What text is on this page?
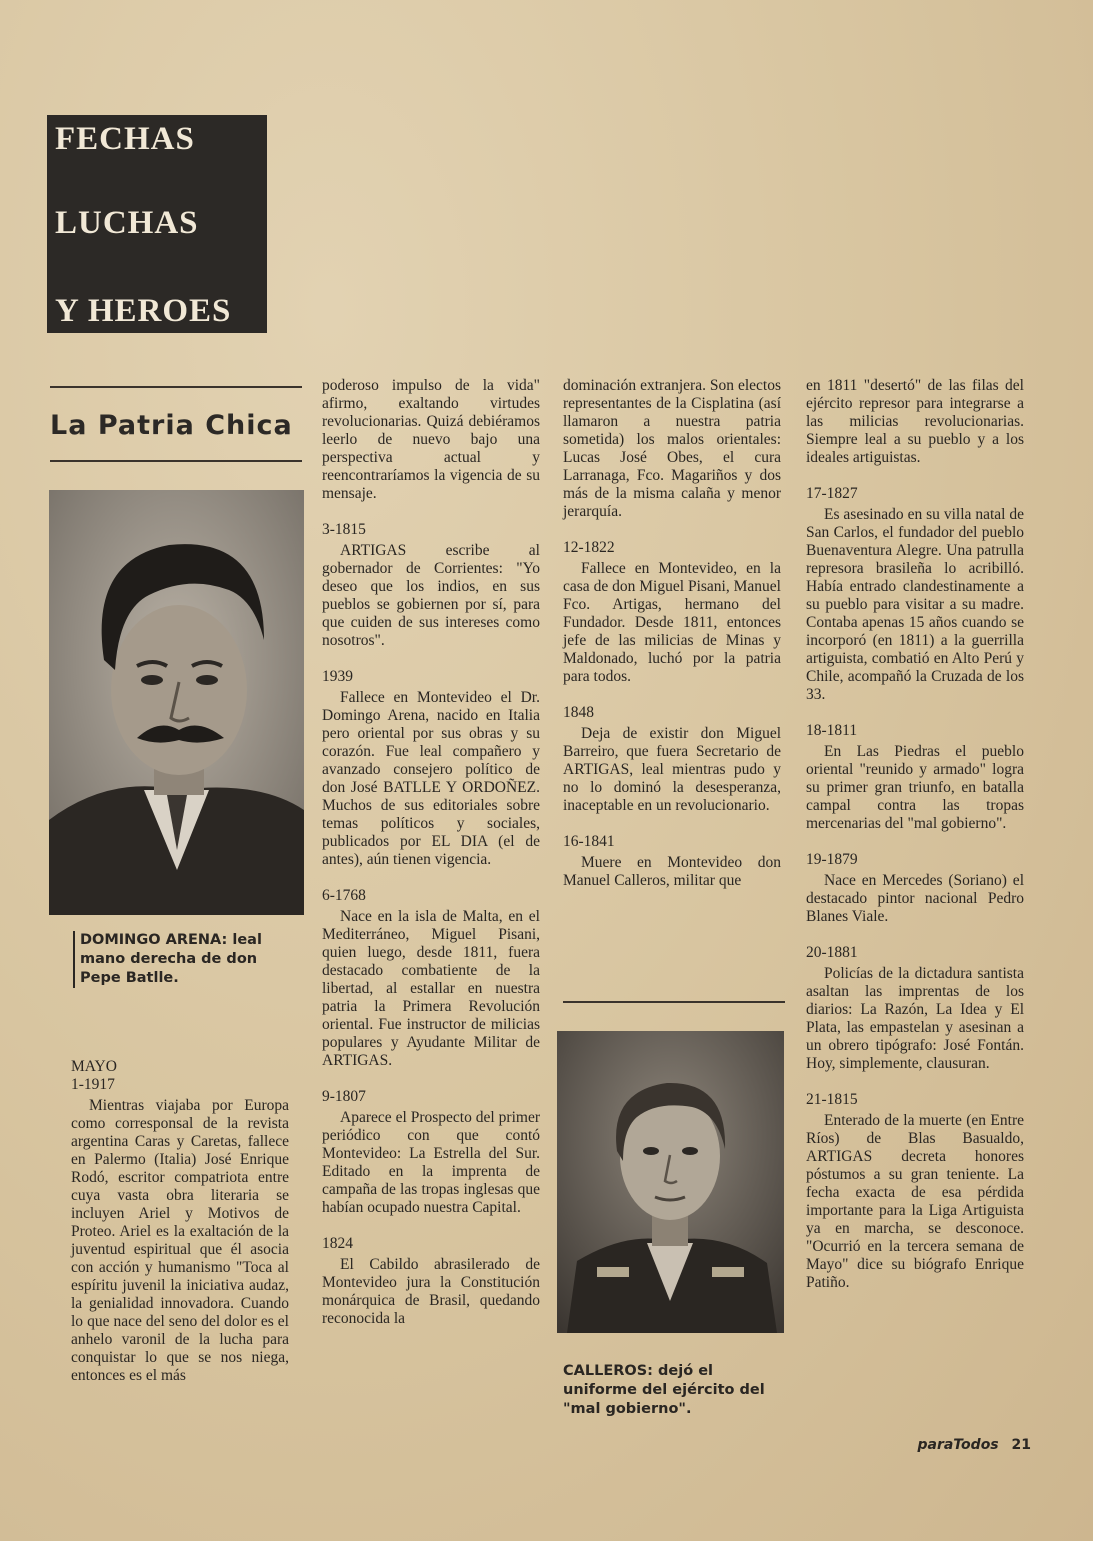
FECHAS
LUCHAS
Y HEROES
La Patria Chica
DOMINGO ARENA: leal mano derecha de don Pepe Batlle.
MAYO
1-1917

Mientras viajaba por Europa como corresponsal de la revista argentina Caras y Caretas, fallece en Palermo (Italia) José Enrique Rodó, escritor compatriota entre cuya vasta obra literaria se incluyen Ariel y Motivos de Proteo. Ariel es la exaltación de la juventud espiritual que él asocia con acción y humanismo "Toca al espíritu juvenil la iniciativa audaz, la genialidad innovadora. Cuando lo que nace del seno del dolor es el anhelo varonil de la lucha para conquistar lo que se nos niega, entonces es el más

poderoso impulso de la vida" afirmo, exaltando virtudes revolucionarias. Quizá debiéramos leerlo de nuevo bajo una perspectiva actual y reencontraríamos la vigencia de su mensaje.

3-1815

ARTIGAS escribe al gobernador de Corrientes: "Yo deseo que los indios, en sus pueblos se gobiernen por sí, para que cuiden de sus intereses como nosotros".

1939

Fallece en Montevideo el Dr. Domingo Arena, nacido en Italia pero oriental por sus obras y su corazón. Fue leal compañero y avanzado consejero político de don José BATLLE Y ORDOÑEZ. Muchos de sus editoriales sobre temas políticos y sociales, publicados por EL DIA (el de antes), aún tienen vigencia.

6-1768

Nace en la isla de Malta, en el Mediterráneo, Miguel Pisani, quien luego, desde 1811, fuera destacado combatiente de la libertad, al estallar en nuestra patria la Primera Revolución oriental. Fue instructor de milicias populares y Ayudante Militar de ARTIGAS.

9-1807

Aparece el Prospecto del primer periódico con que contó Montevideo: La Estrella del Sur. Editado en la imprenta de campaña de las tropas inglesas que habían ocupado nuestra Capital.

1824

El Cabildo abrasilerado de Montevideo jura la Constitución monárquica de Brasil, quedando reconocida la

dominación extranjera. Son electos representantes de la Cisplatina (así llamaron a nuestra patria sometida) los malos orientales: Lucas José Obes, el cura Larranaga, Fco. Magariños y dos más de la misma calaña y menor jerarquía.

12-1822

Fallece en Montevideo, en la casa de don Miguel Pisani, Manuel Fco. Artigas, hermano del Fundador. Desde 1811, entonces jefe de las milicias de Minas y Maldonado, luchó por la patria para todos.

1848

Deja de existir don Miguel Barreiro, que fuera Secretario de ARTIGAS, leal mientras pudo y no lo dominó la desesperanza, inaceptable en un revolucionario.

16-1841

Muere en Montevideo don Manuel Calleros, militar que

CALLEROS: dejó el uniforme del ejército del "mal gobierno".

en 1811 "desertó" de las filas del ejército represor para integrarse a las milicias revolucionarias. Siempre leal a su pueblo y a los ideales artiguistas.

17-1827

Es asesinado en su villa natal de San Carlos, el fundador del pueblo Buenaventura Alegre. Una patrulla represora brasileña lo acribilló. Había entrado clandestinamente a su pueblo para visitar a su madre. Contaba apenas 15 años cuando se incorporó (en 1811) a la guerrilla artiguista, combatió en Alto Perú y Chile, acompañó la Cruzada de los 33.

18-1811

En Las Piedras el pueblo oriental "reunido y armado" logra su primer gran triunfo, en batalla campal contra las tropas mercenarias del "mal gobierno".

19-1879

Nace en Mercedes (Soriano) el destacado pintor nacional Pedro Blanes Viale.

20-1881

Policías de la dictadura santista asaltan las imprentas de los diarios: La Razón, La Idea y El Plata, las empastelan y asesinan a un obrero tipógrafo: José Fontán. Hoy, simplemente, clausuran.

21-1815

Enterado de la muerte (en Entre Ríos) de Blas Basualdo, ARTIGAS decreta honores póstumos a su gran teniente. La fecha exacta de esa pérdida importante para la Liga Artiguista ya en marcha, se desconoce. "Ocurrió en la tercera semana de Mayo" dice su biógrafo Enrique Patiño.

paraTodos 21
